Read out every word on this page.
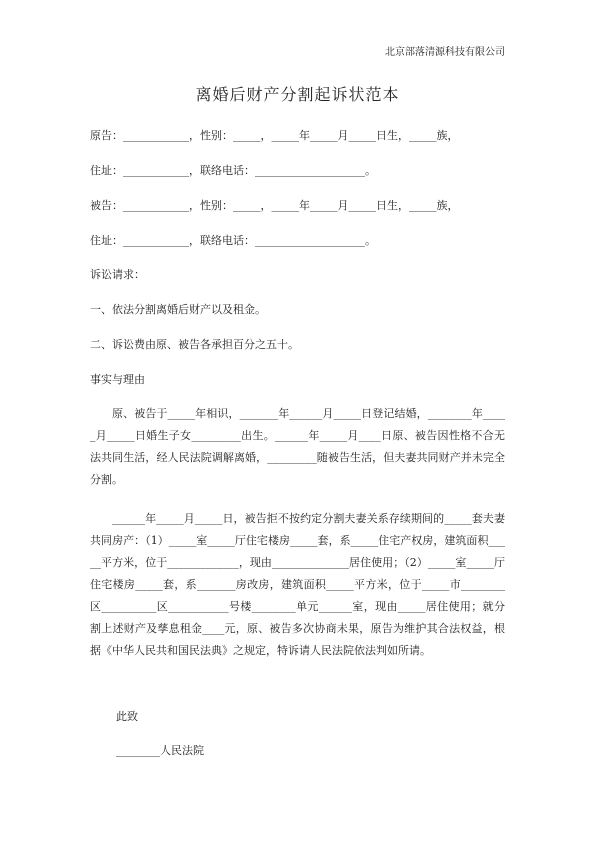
北京部落清源科技有限公司
离婚后财产分割起诉状范本
原告：____________，性别：_____，_____年_____月_____日生，_____族，
住址：____________，联络电话：____________________。
被告：____________，性别：_____，_____年_____月_____日生，_____族，
住址：____________，联络电话：____________________。
诉讼请求：
一、依法分割离婚后财产以及租金。
二、诉讼费由原、被告各承担百分之五十。
事实与理由
原、被告于_____年相识，_______年______月_____日登记结婚，________年_____月_____日婚生子女_________出生。______年_____月____日原、被告因性格不合无法共同生活，经人民法院调解离婚，_________随被告生活，但夫妻共同财产并未完全分割。
______年_____月_____日，被告拒不按约定分割夫妻关系存续期间的_____套夫妻共同房产：（1）_____室_____厅住宅楼房_____套，系_____住宅产权房，建筑面积_____平方米，位于_____________，现由______________居住使用；（2）_____室_____厅住宅楼房_____套，系_______房改房，建筑面积_____平方米，位于_____市________区__________区___________号楼________单元______室，现由_____居住使用；就分割上述财产及孳息租金____元，原、被告多次协商未果，原告为维护其合法权益，根据《中华人民共和国民法典》之规定，特诉请人民法院依法判如所请。
此致
________人民法院
